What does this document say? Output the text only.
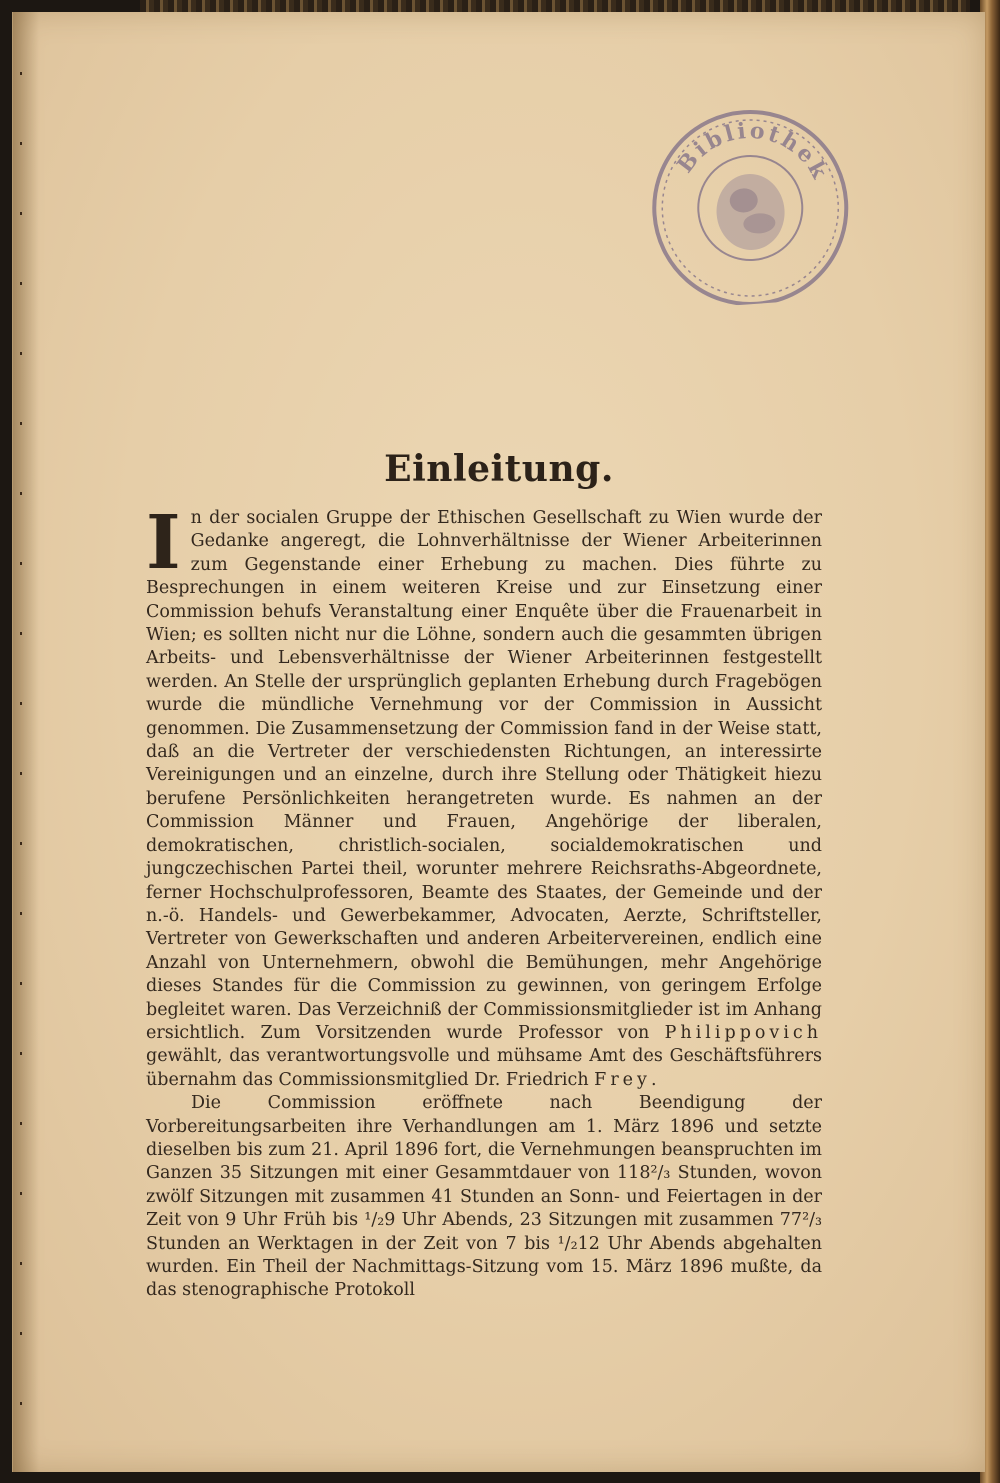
Bibliothek
Einleitung.

In der socialen Gruppe der Ethischen Gesellschaft zu Wien wurde der Gedanke angeregt, die Lohnverhältnisse der Wiener Arbeiterinnen zum Gegenstande einer Erhebung zu machen. Dies führte zu Besprechungen in einem weiteren Kreise und zur Einsetzung einer Commission behufs Veranstaltung einer Enquête über die Frauenarbeit in Wien; es sollten nicht nur die Löhne, sondern auch die gesammten übrigen Arbeits- und Lebensverhältnisse der Wiener Arbeiterinnen festgestellt werden. An Stelle der ursprünglich geplanten Erhebung durch Fragebögen wurde die mündliche Vernehmung vor der Commission in Aussicht genommen. Die Zusammensetzung der Commission fand in der Weise statt, daß an die Vertreter der verschiedensten Richtungen, an interessirte Vereinigungen und an einzelne, durch ihre Stellung oder Thätigkeit hiezu berufene Persönlichkeiten herangetreten wurde. Es nahmen an der Commission Männer und Frauen, Angehörige der liberalen, demokratischen, christlich-socialen, socialdemokratischen und jungczechischen Partei theil, worunter mehrere Reichsraths-Abgeordnete, ferner Hochschulprofessoren, Beamte des Staates, der Gemeinde und der n.-ö. Handels- und Gewerbekammer, Advocaten, Aerzte, Schriftsteller, Vertreter von Gewerkschaften und anderen Arbeitervereinen, endlich eine Anzahl von Unternehmern, obwohl die Bemühungen, mehr Angehörige dieses Standes für die Commission zu gewinnen, von geringem Erfolge begleitet waren. Das Verzeichniß der Commissionsmitglieder ist im Anhang ersichtlich. Zum Vorsitzenden wurde Professor von Philippovich gewählt, das verantwortungsvolle und mühsame Amt des Geschäftsführers übernahm das Commissionsmitglied Dr. Friedrich Frey.

Die Commission eröffnete nach Beendigung der Vorbereitungsarbeiten ihre Verhandlungen am 1. März 1896 und setzte dieselben bis zum 21. April 1896 fort, die Vernehmungen beanspruchten im Ganzen 35 Sitzungen mit einer Gesammtdauer von 118²/₃ Stunden, wovon zwölf Sitzungen mit zusammen 41 Stunden an Sonn- und Feiertagen in der Zeit von 9 Uhr Früh bis ¹/₂9 Uhr Abends, 23 Sitzungen mit zusammen 77²/₃ Stunden an Werktagen in der Zeit von 7 bis ¹/₂12 Uhr Abends abgehalten wurden. Ein Theil der Nachmittags-Sitzung vom 15. März 1896 mußte, da das stenographische Protokoll
